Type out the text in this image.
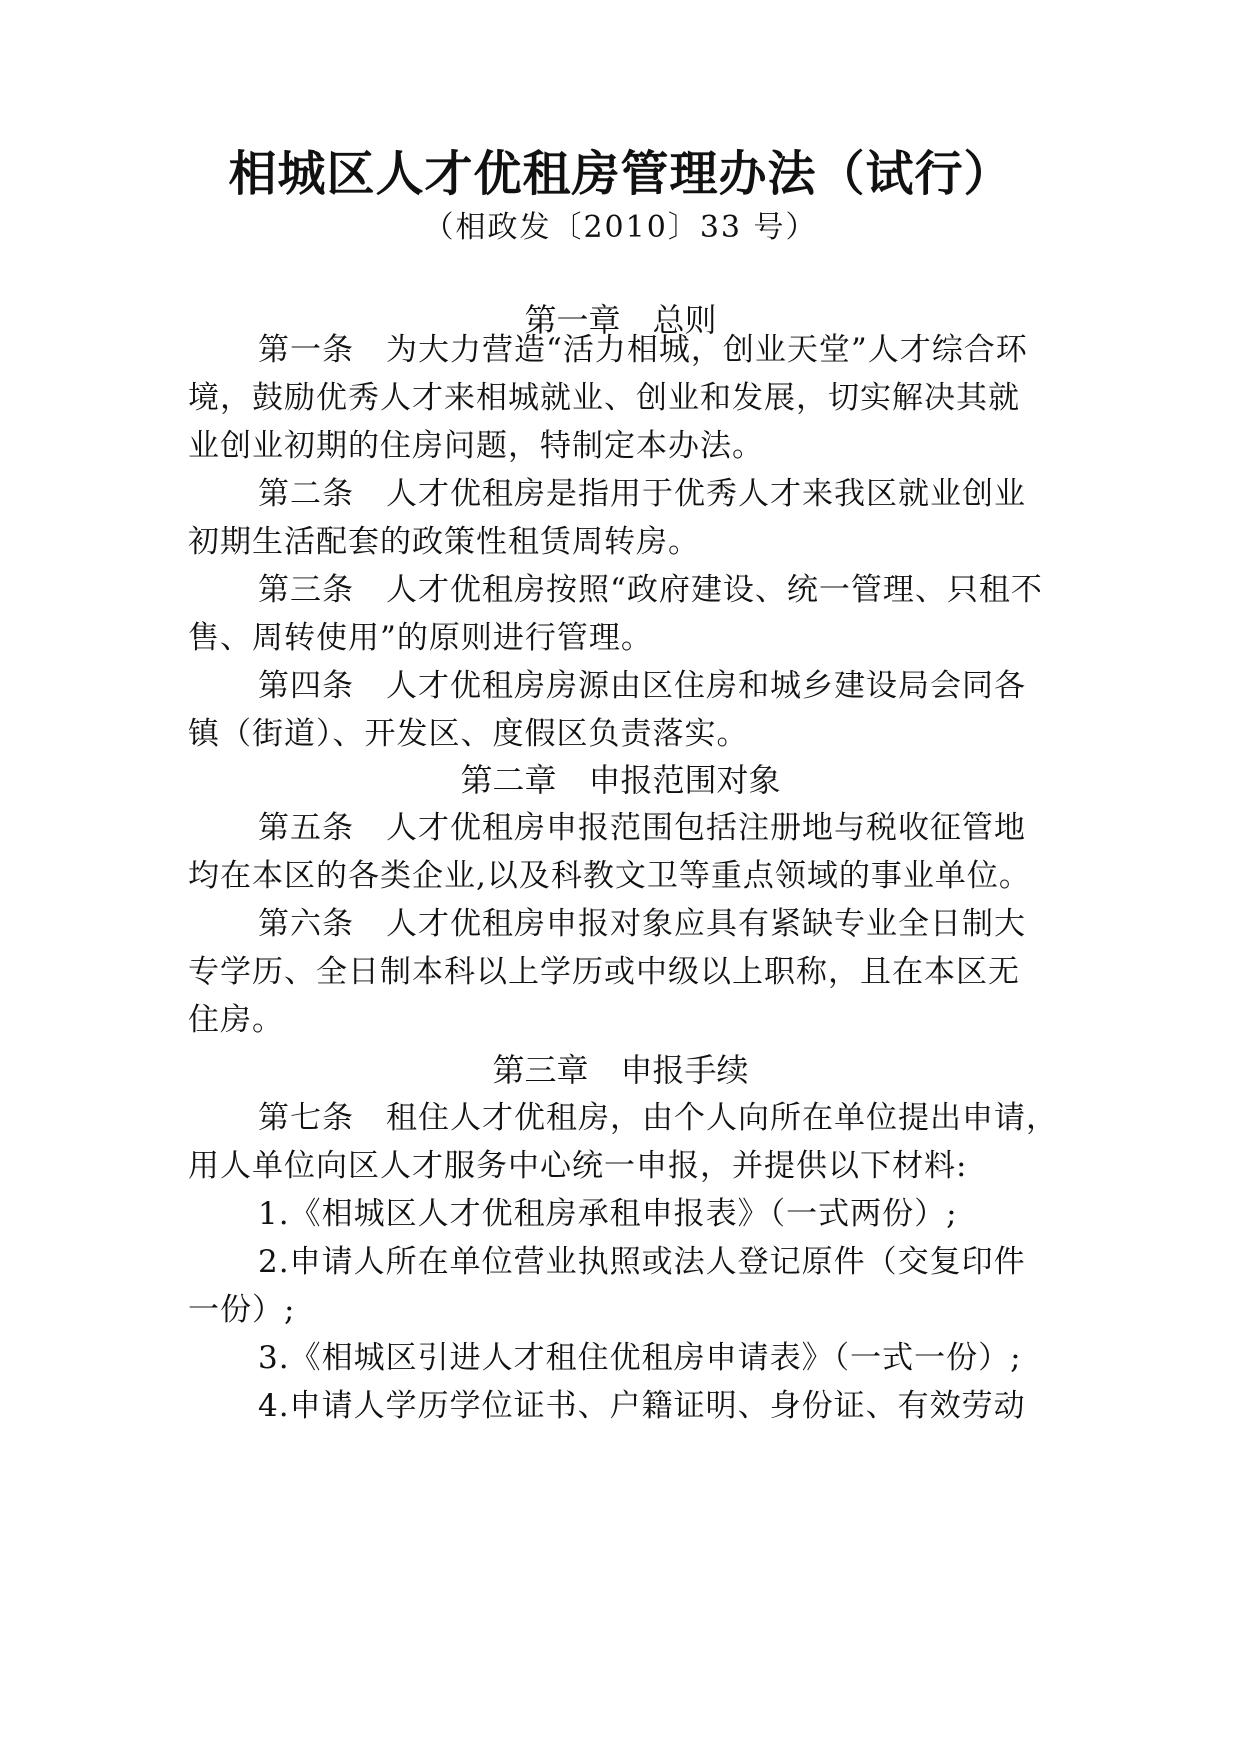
相城区人才优租房管理办法（试行）
（相政发〔2010〕33 号）
第一章　总则
第一条　为大力营造“活力相城，创业天堂”人才综合环
境，鼓励优秀人才来相城就业、创业和发展，切实解决其就
业创业初期的住房问题，特制定本办法。
第二条　人才优租房是指用于优秀人才来我区就业创业
初期生活配套的政策性租赁周转房。
第三条　人才优租房按照“政府建设、统一管理、只租不
售、周转使用”的原则进行管理。
第四条　人才优租房房源由区住房和城乡建设局会同各
镇（街道）、开发区、度假区负责落实。
第二章　申报范围对象
第五条　人才优租房申报范围包括注册地与税收征管地
均在本区的各类企业,以及科教文卫等重点领域的事业单位。
第六条　人才优租房申报对象应具有紧缺专业全日制大
专学历、全日制本科以上学历或中级以上职称，且在本区无
住房。
第三章　申报手续
第七条　租住人才优租房，由个人向所在单位提出申请，
用人单位向区人才服务中心统一申报，并提供以下材料:
1.《相城区人才优租房承租申报表》（一式两份）;
2.申请人所在单位营业执照或法人登记原件（交复印件
一份）;
3.《相城区引进人才租住优租房申请表》（一式一份）;
4.申请人学历学位证书、户籍证明、身份证、有效劳动
